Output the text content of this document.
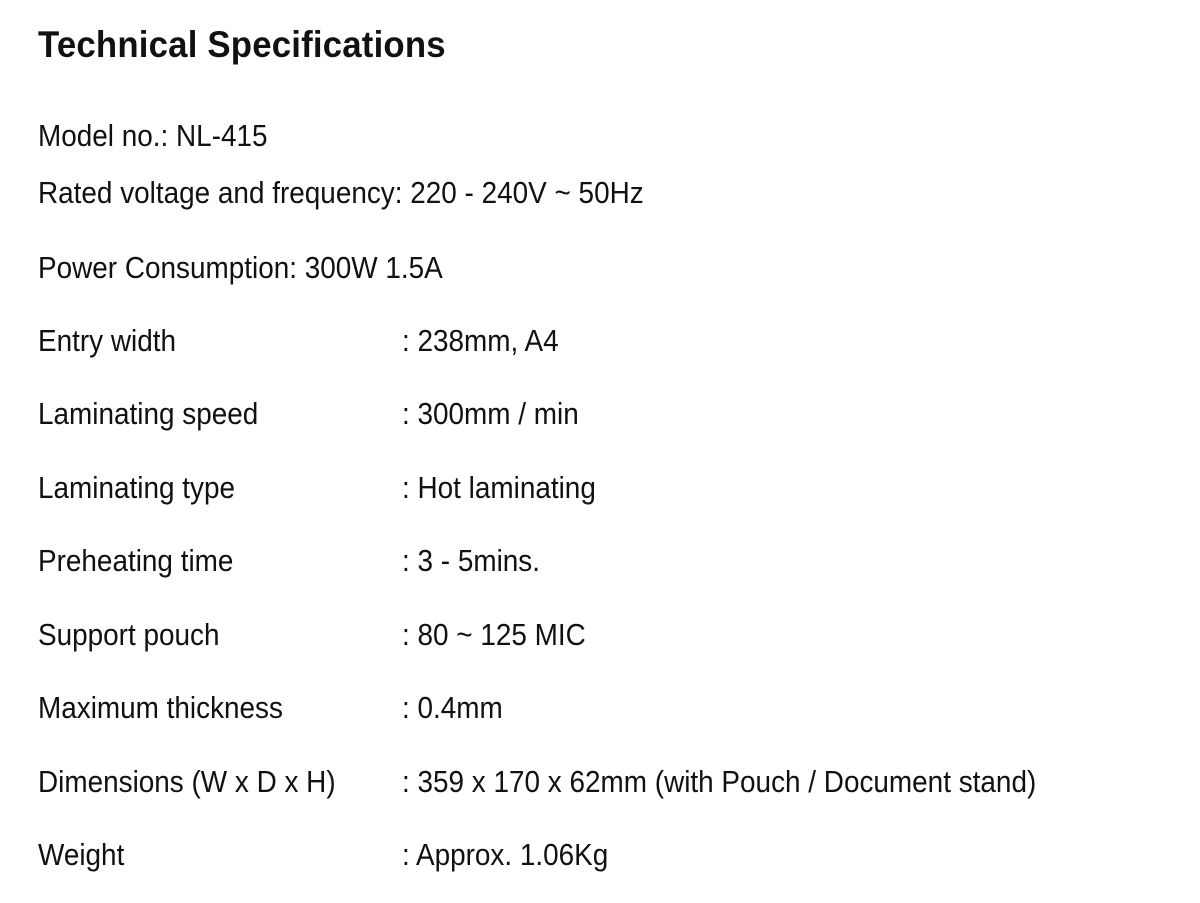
Technical Specifications
Model no.: NL-415
Rated voltage and frequency: 220 - 240V ~ 50Hz
Power Consumption: 300W 1.5A
Entry width	: 238mm, A4
Laminating speed	: 300mm / min
Laminating type	: Hot laminating
Preheating time	: 3 - 5mins.
Support pouch	: 80 ~ 125 MIC
Maximum thickness	: 0.4mm
Dimensions (W x D x H) : 359 x 170 x 62mm (with Pouch / Document stand)
Weight	: Approx. 1.06Kg
